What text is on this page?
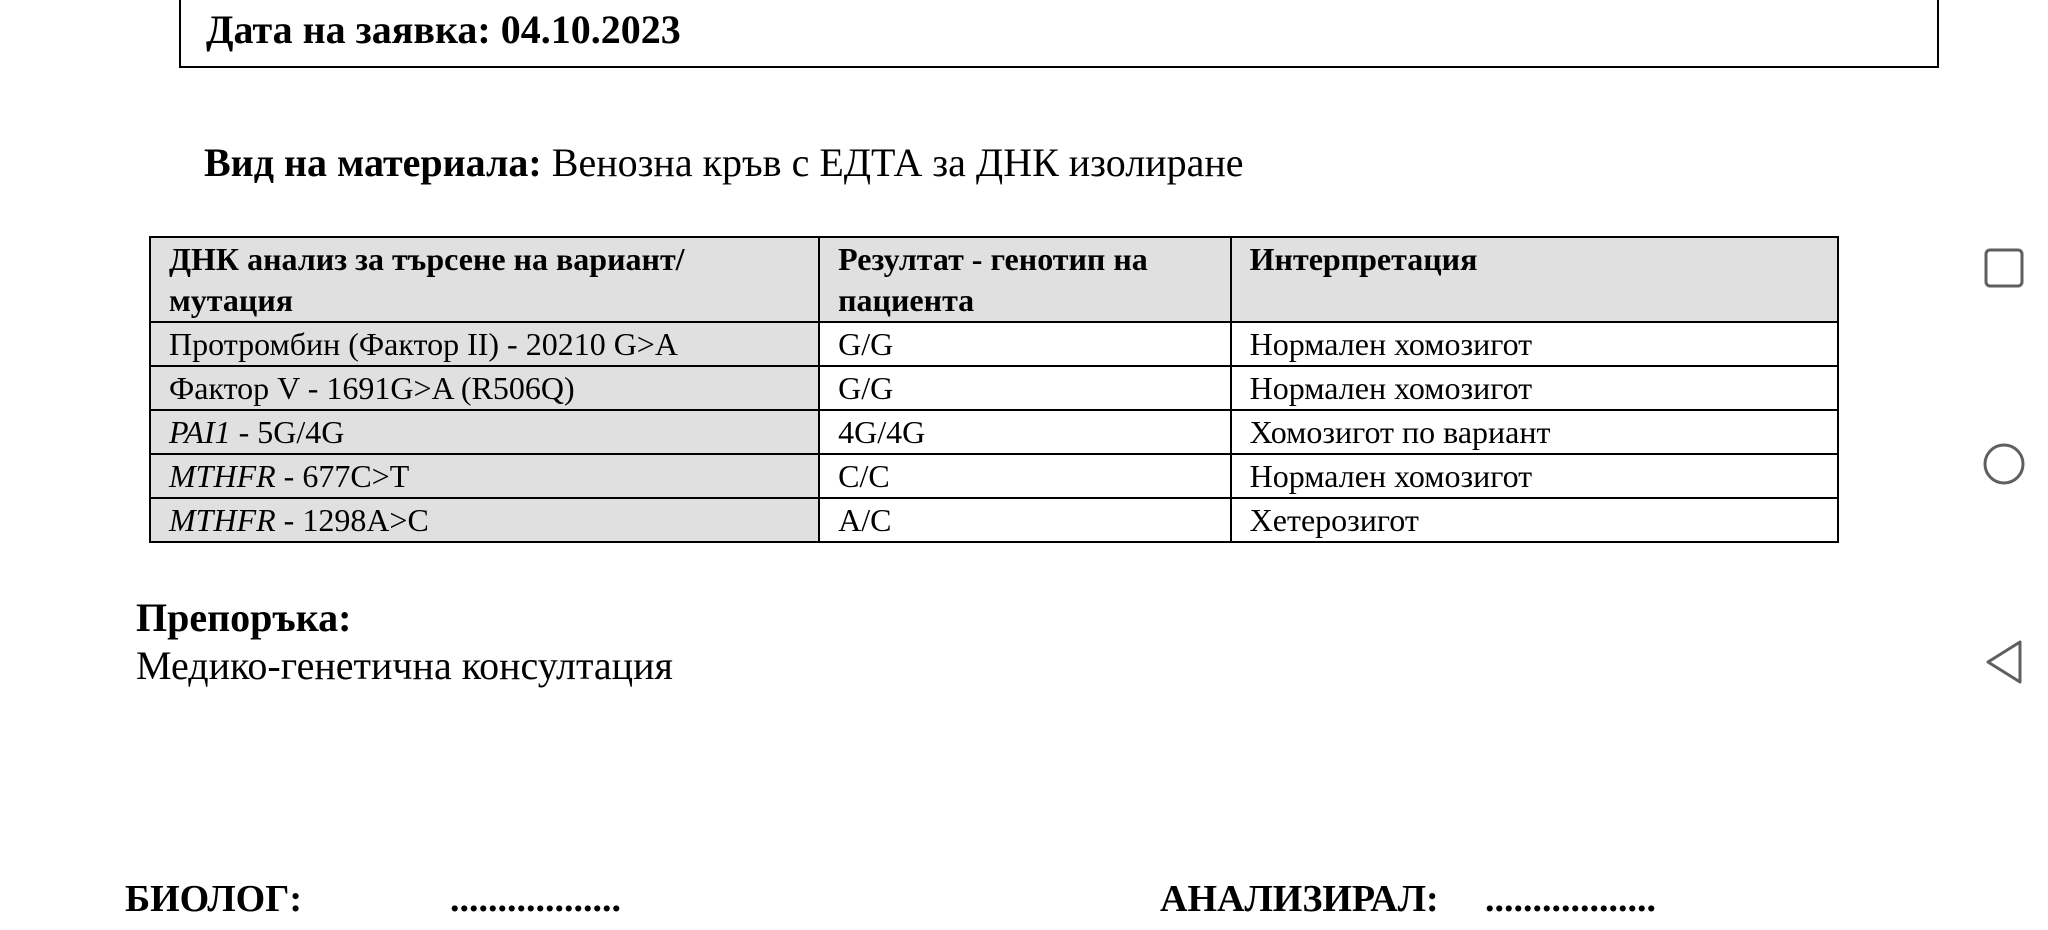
Дата на заявка: 04.10.2023
Вид на материала: Венозна кръв с ЕДТА за ДНК изолиране
ДНК анализ за търсене на вариант/мутация	Резултат - генотип на пациента	Интерпретация
Протромбин (Фактор II) - 20210 G>A	G/G	Нормален хомозигот
Фактор V - 1691G>A (R506Q)	G/G	Нормален хомозигот
PAI1 - 5G/4G	4G/4G	Хомозигот по вариант
MTHFR - 677C>T	C/C	Нормален хомозигот
MTHFR - 1298A>C	A/C	Хетерозигот
Препоръка:
Медико-генетична консултация
БИОЛОГ:	..................	АНАЛИЗИРАЛ: ..................
